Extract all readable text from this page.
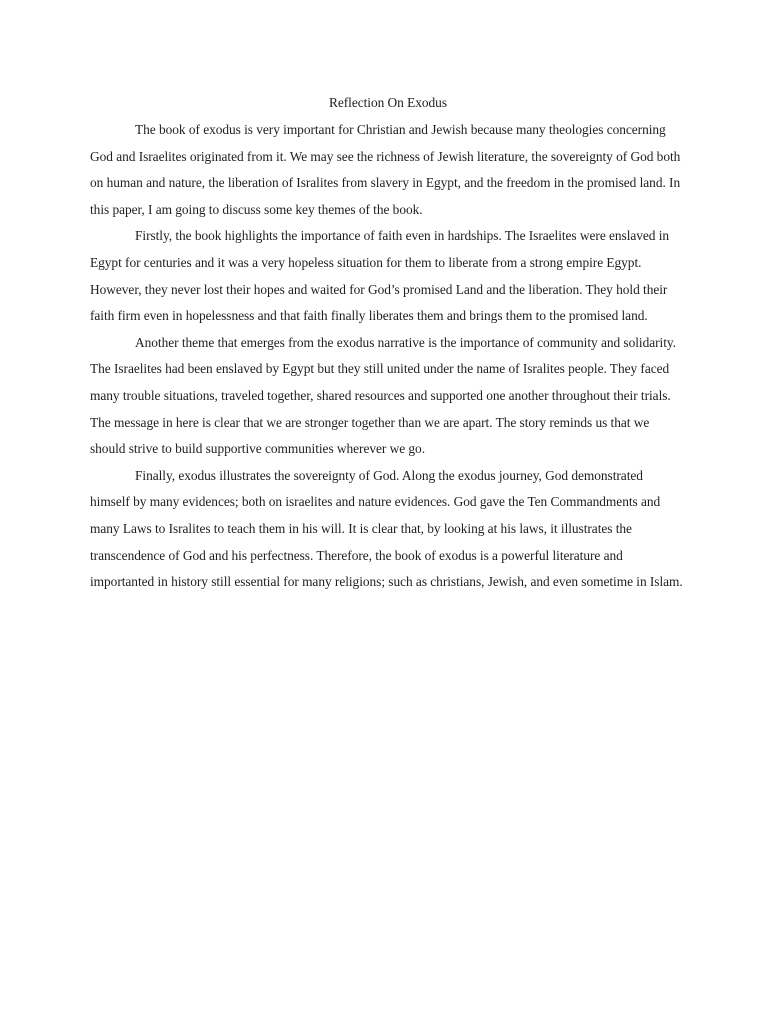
Reflection On Exodus

The book of exodus is very important for Christian and Jewish because many theologies concerning God and Israelites originated from it. We may see the richness of Jewish literature, the sovereignty of God both on human and nature, the liberation of Isralites from slavery in Egypt, and the freedom in the promised land. In this paper, I am going to discuss some key themes of the book.

Firstly, the book highlights the importance of faith even in hardships. The Israelites were enslaved in Egypt for centuries and it was a very hopeless situation for them to liberate from a strong empire Egypt. However, they never lost their hopes and waited for God’s promised Land and the liberation. They hold their faith firm even in hopelessness and that faith finally liberates them and brings them to the promised land.

Another theme that emerges from the exodus narrative is the importance of community and solidarity. The Israelites had been enslaved by Egypt but they still united under the name of Isralites people. They faced many trouble situations, traveled together, shared resources and supported one another throughout their trials. The message in here is clear that we are stronger together than we are apart. The story reminds us that we should strive to build supportive communities wherever we go.

Finally, exodus illustrates the sovereignty of God. Along the exodus journey, God demonstrated himself by many evidences; both on israelites and nature evidences. God gave the Ten Commandments and many Laws to Isralites to teach them in his will. It is clear that, by looking at his laws, it illustrates the transcendence of God and his perfectness. Therefore, the book of exodus is a powerful literature and importanted in history still essential for many religions; such as christians, Jewish, and even sometime in Islam.
